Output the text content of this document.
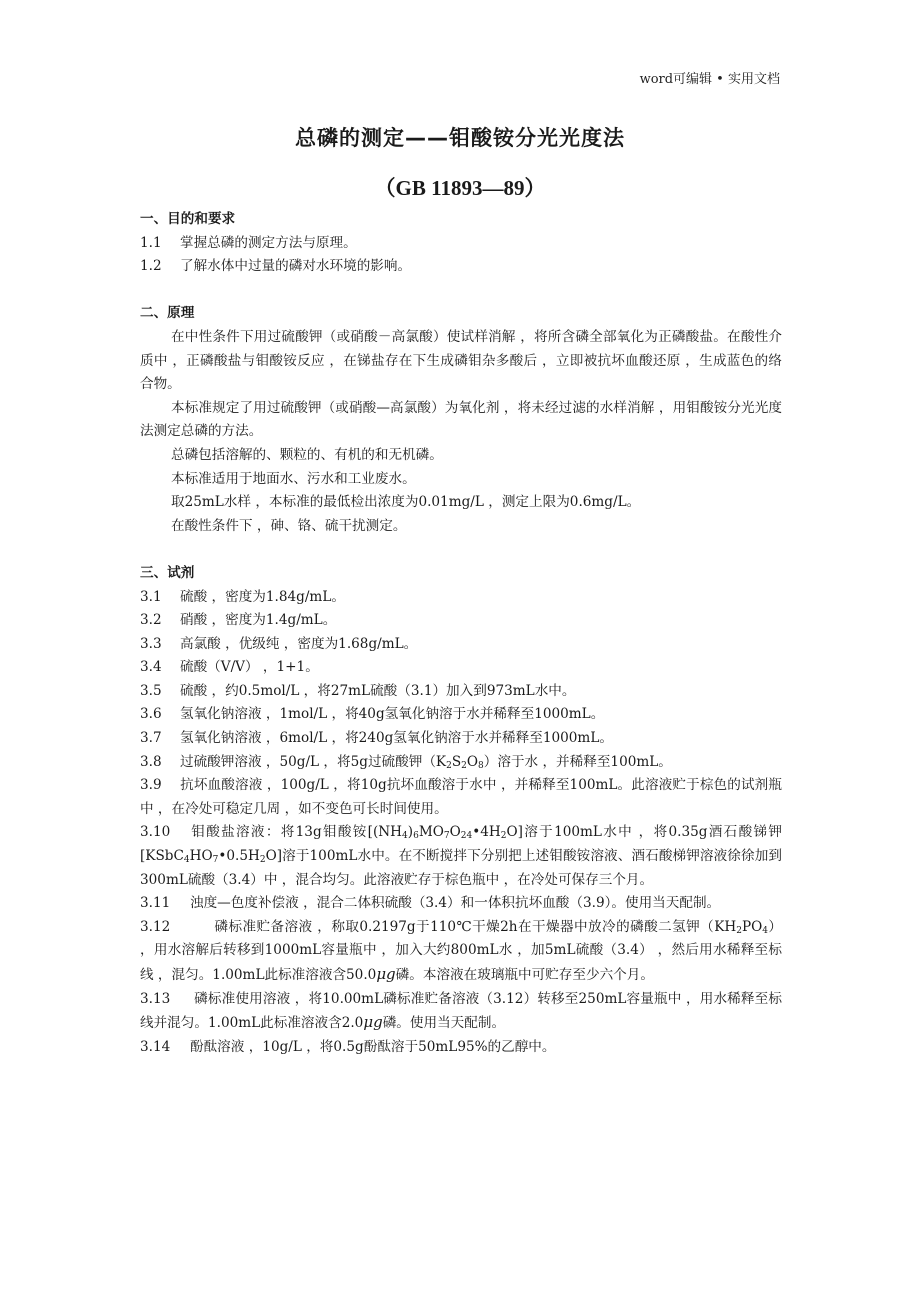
word可编辑 • 实用文档
总磷的测定——钼酸铵分光光度法
（GB 11893—89）
一、目的和要求
1.1 掌握总磷的测定方法与原理。
1.2 了解水体中过量的磷对水环境的影响。
二、原理
在中性条件下用过硫酸钾（或硝酸－高氯酸）使试样消解 ，将所含磷全部氧化为正磷酸盐。在酸性介质中 ，正磷酸盐与钼酸铵反应 ，在锑盐存在下生成磷钼杂多酸后 ，立即被抗坏血酸还原 ，生成蓝色的络合物。
本标准规定了用过硫酸钾（或硝酸—高氯酸）为氧化剂 ，将未经过滤的水样消解 ，用钼酸铵分光光度法测定总磷的方法。
总磷包括溶解的、颗粒的、有机的和无机磷。
本标准适用于地面水、污水和工业废水。
取25mL水样 ，本标准的最低检出浓度为0.01mg/L ，测定上限为0.6mg/L。
在酸性条件下 ，砷、铬、硫干扰测定。
三、试剂
3.1 硫酸 ，密度为1.84g/mL。
3.2 硝酸 ，密度为1.4g/mL。
3.3 高氯酸 ，优级纯 ，密度为1.68g/mL。
3.4 硫酸（V/V） ，1+1。
3.5 硫酸 ，约0.5mol/L ，将27mL硫酸（3.1）加入到973mL水中。
3.6 氢氧化钠溶液 ，1mol/L ，将40g氢氧化钠溶于水并稀释至1000mL。
3.7 氢氧化钠溶液 ，6mol/L ，将240g氢氧化钠溶于水并稀释至1000mL。
3.8 过硫酸钾溶液 ，50g/L ，将5g过硫酸钾$(K_2S_2O_8)$溶于水 ，并稀释至100mL。
3.9 抗坏血酸溶液 ，100g/L ，将10g抗坏血酸溶于水中 ，并稀释至100mL。此溶液贮于棕色的试剂瓶中 ，在冷处可稳定几周 ，如不变色可长时间使用。
3.10 钼酸盐溶液：将13g钼酸铵$[(NH_4)_6MO_7O_{24}•4H_2O]$溶于100mL水中 ，将0.35g酒石酸锑钾$[KSbC_4HO_7•0.5H_2O]$溶于100mL水中。在不断搅拌下分别把上述钼酸铵溶液、酒石酸梯钾溶液徐徐加到300mL硫酸（3.4）中 ，混合均匀。此溶液贮存于棕色瓶中 ，在冷处可保存三个月。
3.11 浊度—色度补偿液 ，混合二体积硫酸（3.4）和一体积抗坏血酸（3.9）。使用当天配制。
3.12	磷标准贮备溶液 ，称取0.2197g于110℃干燥2h在干燥器中放冷的磷酸二氢钾$(KH_2PO_4)$ ，用水溶解后转移到1000mL容量瓶中 ，加入大约800mL水 ，加5mL硫酸（3.4） ，然后用水稀释至标线 ，混匀。1.00mL此标准溶液含50.0μg磷。本溶液在玻璃瓶中可贮存至少六个月。
3.13 磷标准使用溶液 ，将10.00mL磷标准贮备溶液（3.12）转移至250mL容量瓶中 ，用水稀释至标线并混匀。1.00mL此标准溶液含2.0μg磷。使用当天配制。
3.14 酚酞溶液 ，10g/L ，将0.5g酚酞溶于50mL95%的乙醇中。
